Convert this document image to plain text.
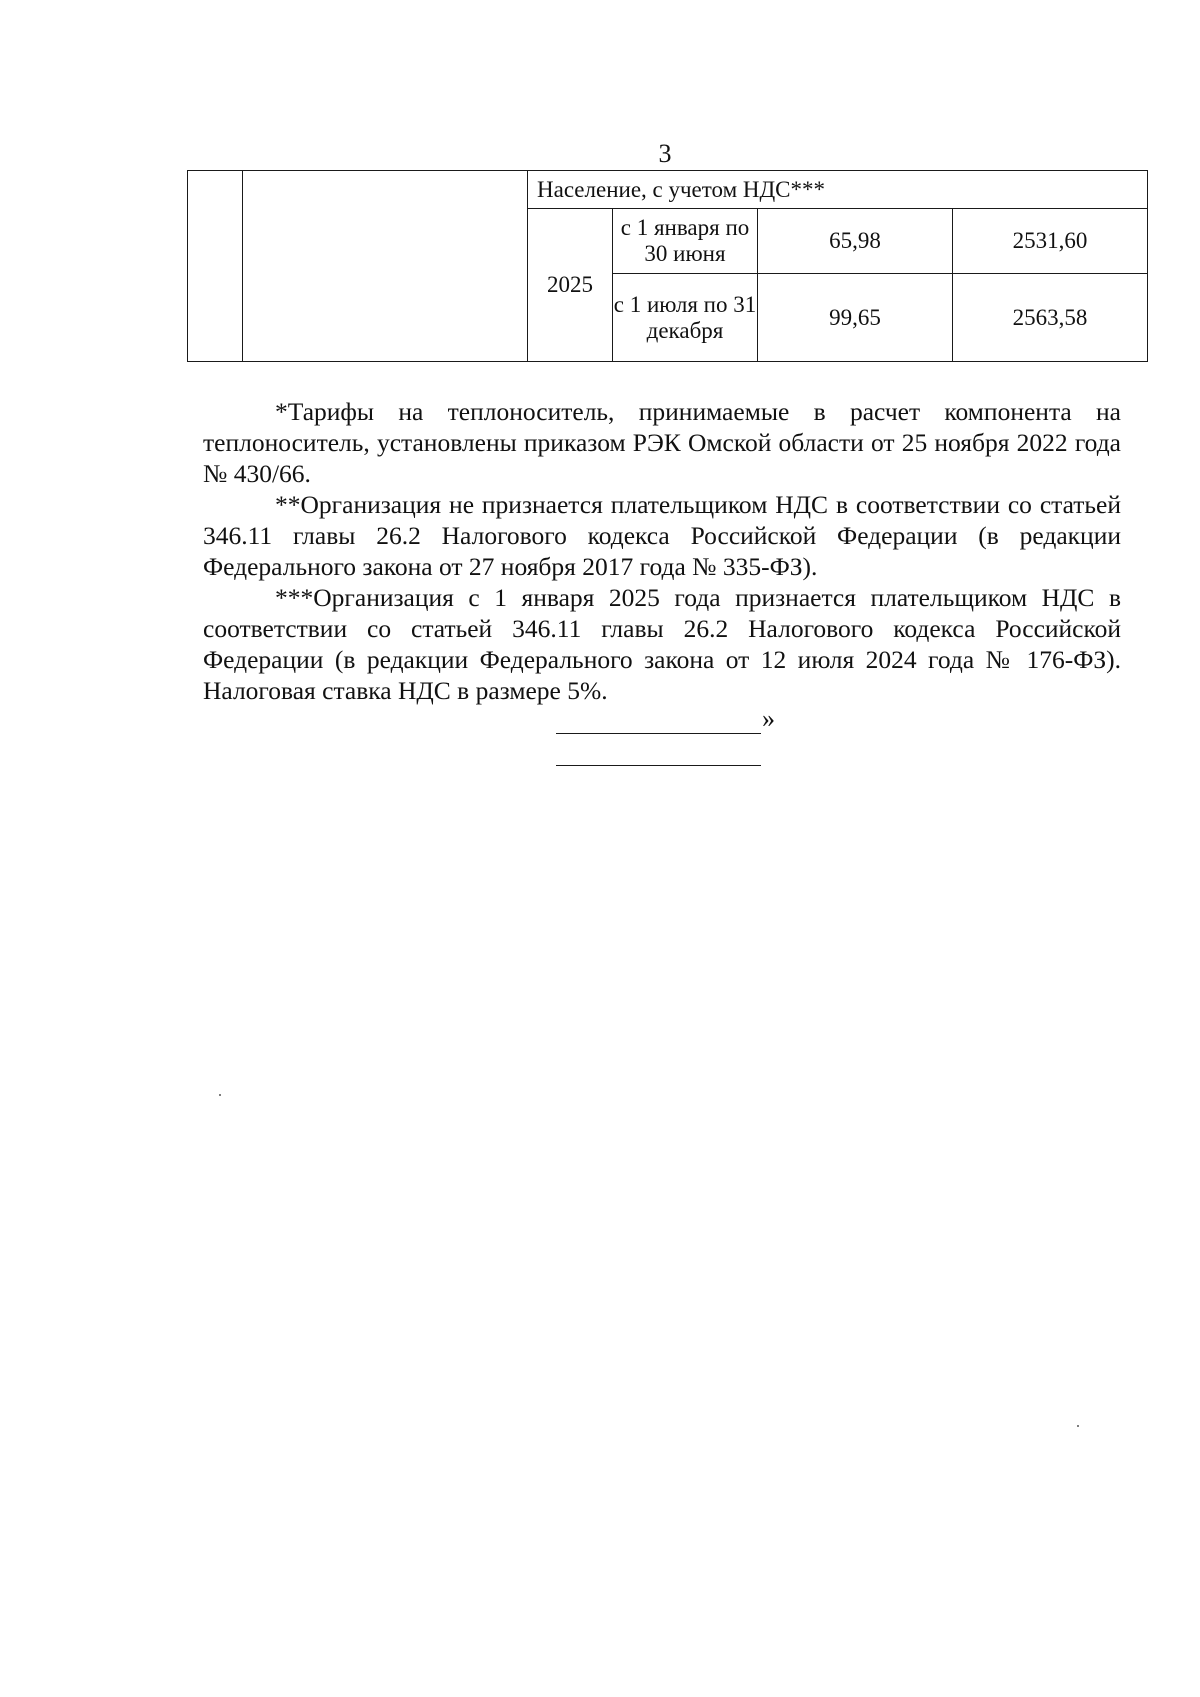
3
		Население, с учетом НДС***			
		2025	с 1 января по 30 июня	65,98	2531,60
			с 1 июля по 31 декабря	99,65	2563,58

*Тарифы на теплоноситель, принимаемые в расчет компонента на теплоноситель, установлены приказом РЭК Омской области от 25 ноября 2022 года № 430/66.

**Организация не признается плательщиком НДС в соответствии со статьей 346.11 главы 26.2 Налогового кодекса Российской Федерации (в редакции Федерального закона от 27 ноября 2017 года № 335-ФЗ).

***Организация с 1 января 2025 года признается плательщиком НДС в соответствии со статьей 346.11 главы 26.2 Налогового кодекса Российской Федерации (в редакции Федерального закона от 12 июля 2024 года № 176-ФЗ). Налоговая ставка НДС в размере 5%.

»
